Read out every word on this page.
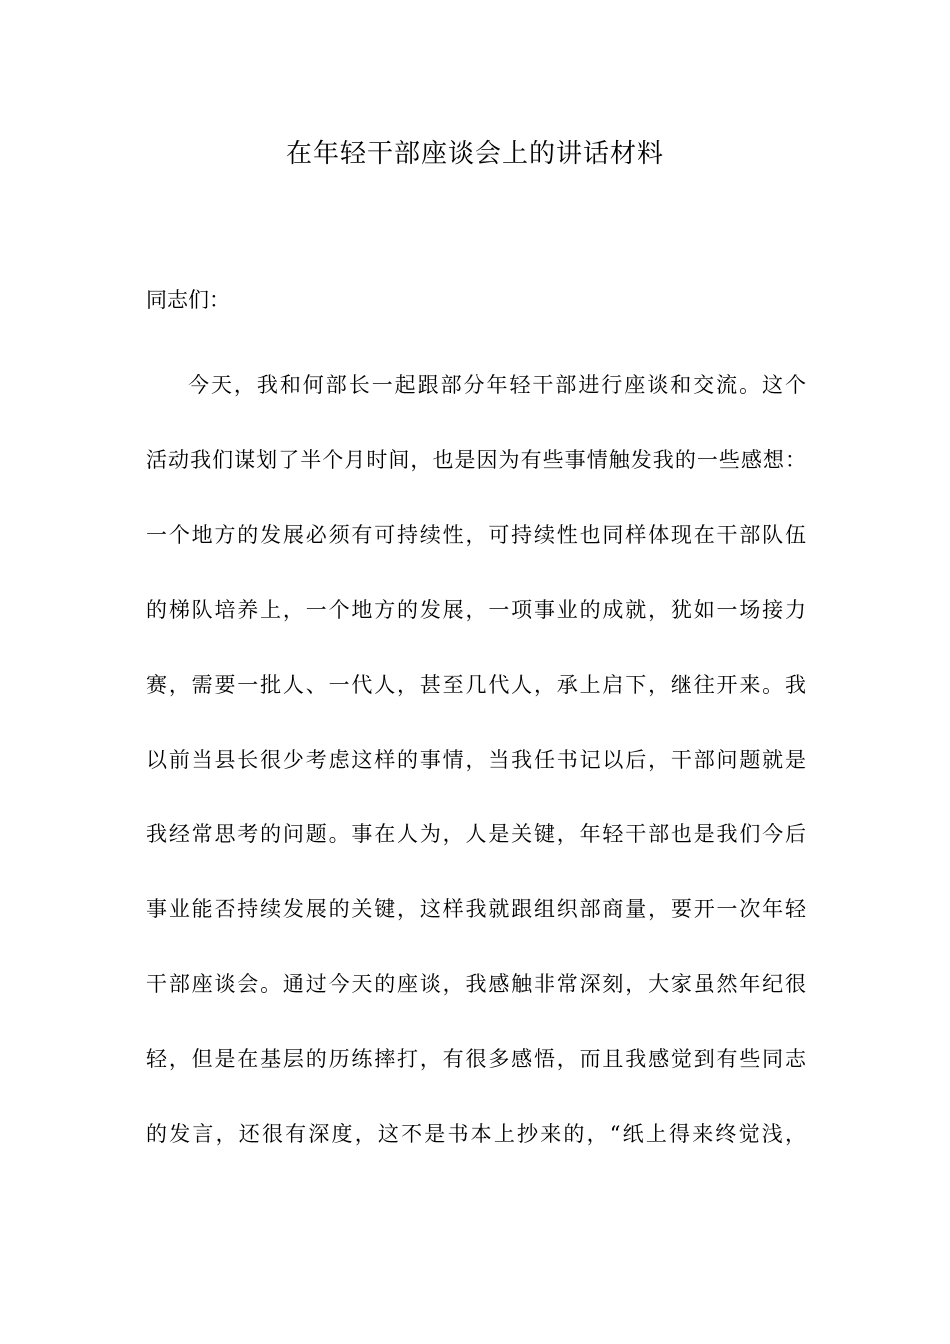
在年轻干部座谈会上的讲话材料

同志们：

今天，我和何部长一起跟部分年轻干部进行座谈和交流。这个

活动我们谋划了半个月时间，也是因为有些事情触发我的一些感想：

一个地方的发展必须有可持续性，可持续性也同样体现在干部队伍

的梯队培养上，一个地方的发展，一项事业的成就，犹如一场接力

赛，需要一批人、一代人，甚至几代人，承上启下，继往开来。我

以前当县长很少考虑这样的事情，当我任书记以后，干部问题就是

我经常思考的问题。事在人为，人是关键，年轻干部也是我们今后

事业能否持续发展的关键，这样我就跟组织部商量，要开一次年轻

干部座谈会。通过今天的座谈，我感触非常深刻，大家虽然年纪很

轻，但是在基层的历练摔打，有很多感悟，而且我感觉到有些同志

的发言，还很有深度，这不是书本上抄来的，“纸上得来终觉浅，
